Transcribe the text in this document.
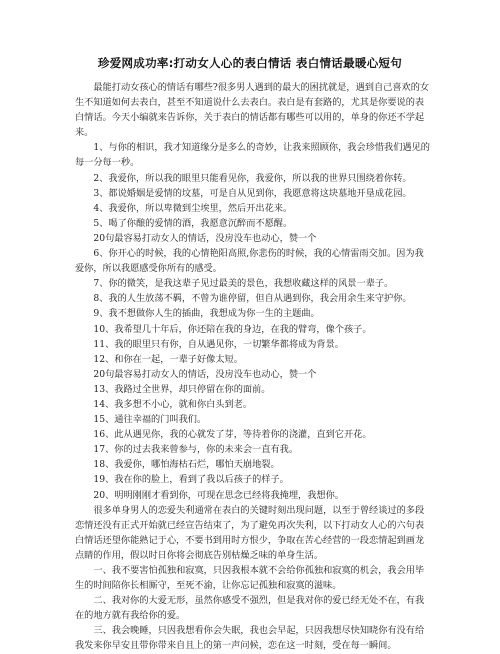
珍爱网成功率:打动女人心的表白情话 表白情话最暖心短句

最能打动女孩心的情话有哪些?很多男人遇到的最大的困扰就是，遇到自己喜欢的女生不知道如何去表白，甚至不知道说什么去表白。表白是有套路的，尤其是你要说的表白情话。今天小编就来告诉你，关于表白的情话都有哪些可以用的，单身的你还不学起来。

1、与你的相识，我才知道缘分是多么的奇妙，让我来照顾你，我会珍惜我们遇见的每一分每一秒。

2、我爱你，所以我的眼里只能看见你，我爱你，所以我的世界只围绕着你转。

3、都说婚姻是爱情的坟墓，可是自从见到你，我愿意将这块墓地开垦成花园。

4、我爱你，所以卑微到尘埃里，然后开出花来。

5、喝了你酿的爱情的酒，我愿意沉醉而不愿醒。

20句最容易打动女人的情话，没房没车也动心，赞一个

6、你开心的时候，我的心情艳阳高照,你悲伤的时候，我的心情雷雨交加。因为我爱你，所以我愿感受你所有的感受。

7、你的微笑，是我这辈子见过最美的景色，我想收藏这样的风景一辈子。

8、我的人生放荡不羁，不曾为谁停留，但自从遇到你，我会用余生来守护你。

9、我不想做你人生的插曲，我想成为你一生的主题曲。

10、我希望几十年后，你还陪在我的身边，在我的臂弯，像个孩子。

11、我的眼里只有你，自从遇见你，一切繁华都将成为背景。

12、和你在一起，一辈子好像太短。

20句最容易打动女人的情话，没房没车也动心，赞一个

13、我路过全世界，却只停留在你的面前。

14、我多想不小心，就和你白头到老。

15、通往幸福的门叫我们。

16、此从遇见你，我的心就发了芽，等待着你的浇灌，直到它开花。

17、你的过去我来曾参与，你的未来会一直有我。

18、我爱你，哪怕海枯石烂，哪怕天崩地裂。

19、我在你的脸上，看到了我以后孩子的样子。

20、明明刚刚才看到你，可现在思念已经将我掩埋，我想你。

很多单身男人的恋爱失利通常在表白的关键时刻出现问题，以至于曾经谈过的多段恋情还没有正式开始就已经宣告结束了，为了避免再次失利，以下打动女人心的六句表白情话还望你能熟记于心，不要书到用时方恨少，争取在苦心经营的一段恋情起到画龙点睛的作用，假以时日你将会彻底告别枯燥乏味的单身生活。

一、我不要害怕孤独和寂寞，只因我根本就不会给你孤独和寂寞的机会，我会用毕生的时间陪你长相厮守，至死不渝，让你忘记孤独和寂寞的滋味。

二、我对你的大爱无形，虽然你感受不强烈，但是我对你的爱已经无处不在，有我在的地方就有我给你的爱。

三、我会晚睡，只因我想看你会失眠，我也会早起，只因我想尽快知晓你有没有给我发来你早安且带你带来自且上的第一声问候，恋在这一时刻，受在每一瞬间。
